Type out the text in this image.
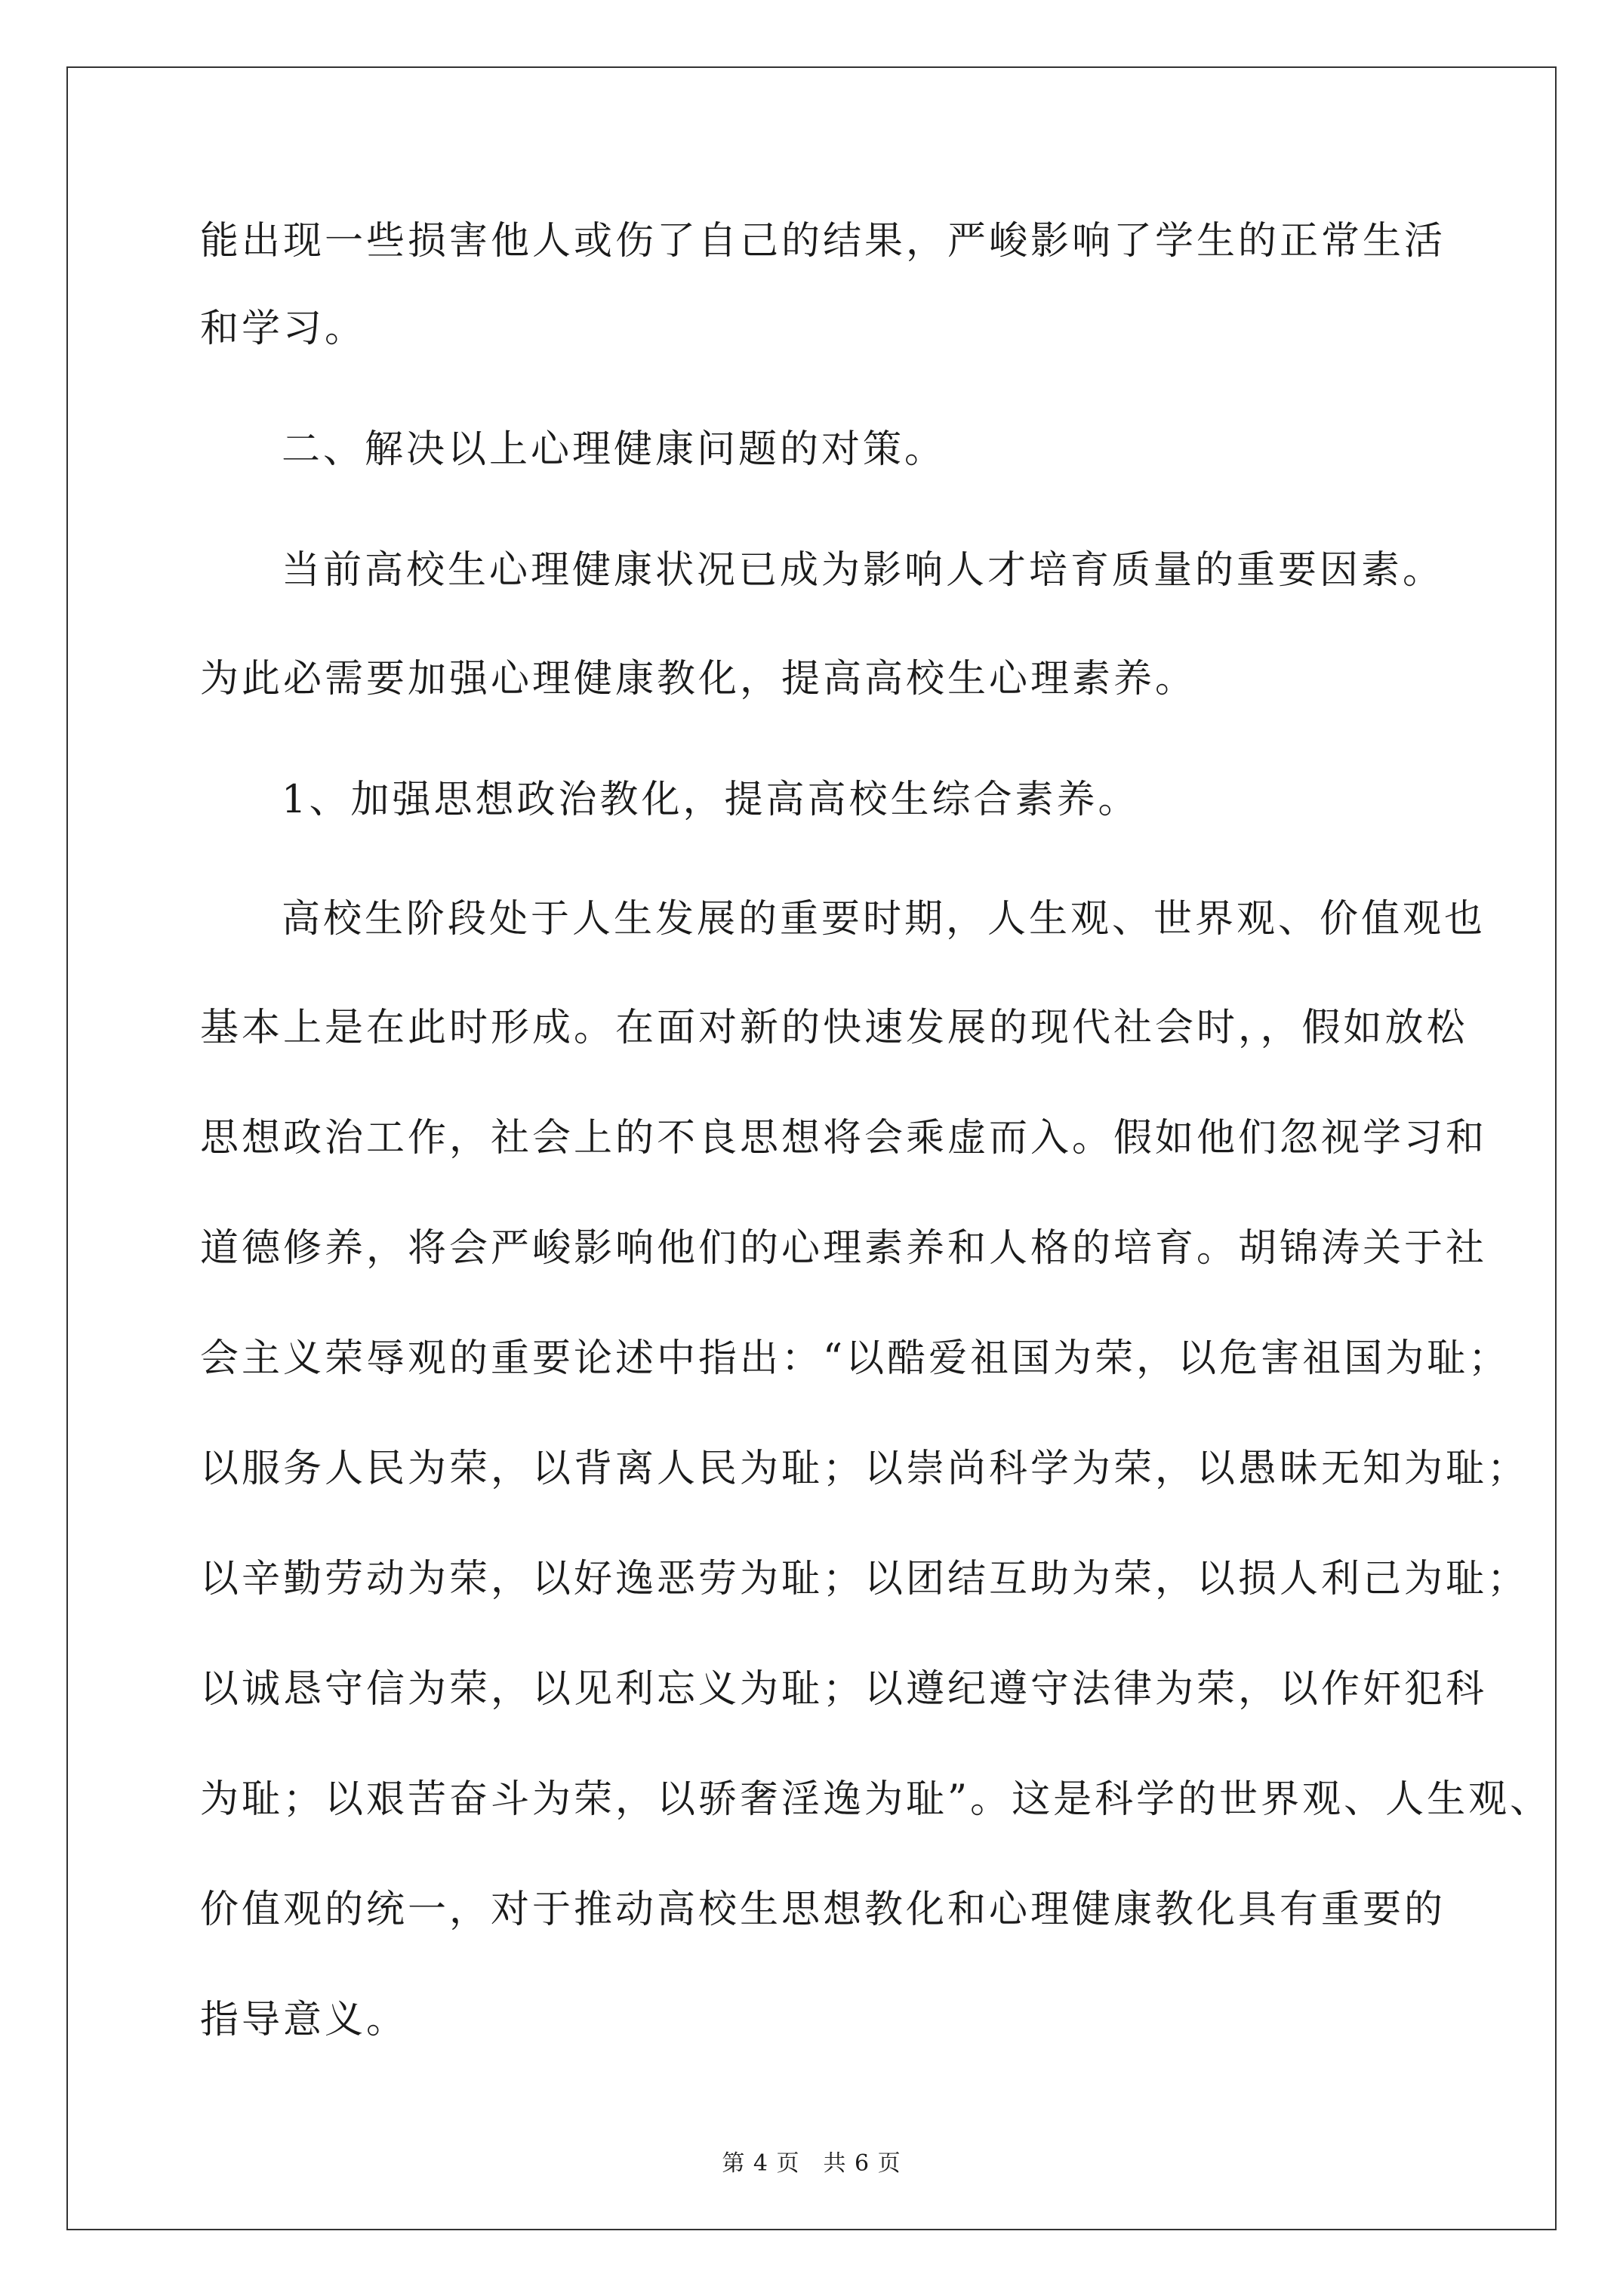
能出现一些损害他人或伤了自己的结果，严峻影响了学生的正常生活
和学习。
二、解决以上心理健康问题的对策。
当前高校生心理健康状况已成为影响人才培育质量的重要因素。
为此必需要加强心理健康教化，提高高校生心理素养。
1、加强思想政治教化，提高高校生综合素养。
高校生阶段处于人生发展的重要时期，人生观、世界观、价值观也
基本上是在此时形成。在面对新的快速发展的现代社会时，，假如放松
思想政治工作，社会上的不良思想将会乘虚而入。假如他们忽视学习和
道德修养，将会严峻影响他们的心理素养和人格的培育。胡锦涛关于社
会主义荣辱观的重要论述中指出：“以酷爱祖国为荣，以危害祖国为耻；
以服务人民为荣，以背离人民为耻；以崇尚科学为荣，以愚昧无知为耻；
以辛勤劳动为荣，以好逸恶劳为耻；以团结互助为荣，以损人利己为耻；
以诚恳守信为荣，以见利忘义为耻；以遵纪遵守法律为荣，以作奸犯科
为耻；以艰苦奋斗为荣，以骄奢淫逸为耻”。这是科学的世界观、人生观、
价值观的统一，对于推动高校生思想教化和心理健康教化具有重要的
指导意义。
第 4 页　共 6 页
